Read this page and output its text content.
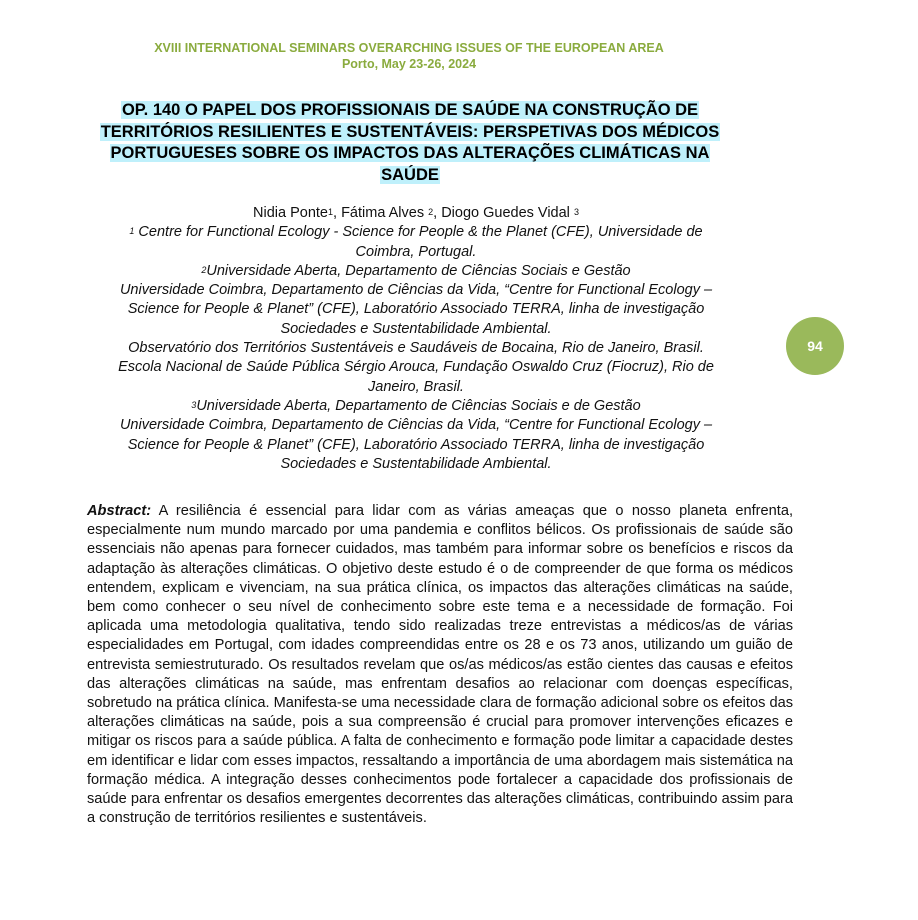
XVIII INTERNATIONAL SEMINARS OVERARCHING ISSUES OF THE EUROPEAN AREA
Porto, May 23-26, 2024
OP. 140 O PAPEL DOS PROFISSIONAIS DE SAÚDE NA CONSTRUÇÃO DE
TERRITÓRIOS RESILIENTES E SUSTENTÁVEIS: PERSPETIVAS DOS MÉDICOS
PORTUGUESES SOBRE OS IMPACTOS DAS ALTERAÇÕES CLIMÁTICAS NA
SAÚDE

Nidia Ponte$^1$, Fátima Alves $^2$, Diogo Guedes Vidal $^3$

$^1$ Centre for Functional Ecology - Science for People & the Planet (CFE), Universidade de
Coimbra, Portugal.

$^2$Universidade Aberta, Departamento de Ciências Sociais e Gestão
Universidade Coimbra, Departamento de Ciências da Vida, “Centre for Functional Ecology –
Science for People & Planet” (CFE), Laboratório Associado TERRA, linha de investigação
Sociedades e Sustentabilidade Ambiental.
Observatório dos Territórios Sustentáveis e Saudáveis de Bocaina, Rio de Janeiro, Brasil.
Escola Nacional de Saúde Pública Sérgio Arouca, Fundação Oswaldo Cruz (Fiocruz), Rio de
Janeiro, Brasil.

$^3$Universidade Aberta, Departamento de Ciências Sociais e de Gestão
Universidade Coimbra, Departamento de Ciências da Vida, “Centre for Functional Ecology –
Science for People & Planet” (CFE), Laboratório Associado TERRA, linha de investigação
Sociedades e Sustentabilidade Ambiental.

94
Abstract: A resiliência é essencial para lidar com as várias ameaças que o nosso planeta enfrenta, especialmente num mundo marcado por uma pandemia e conflitos bélicos. Os profissionais de saúde são essenciais não apenas para fornecer cuidados, mas também para informar sobre os benefícios e riscos da adaptação às alterações climáticas. O objetivo deste estudo é o de compreender de que forma os médicos entendem, explicam e vivenciam, na sua prática clínica, os impactos das alterações climáticas na saúde, bem como conhecer o seu nível de conhecimento sobre este tema e a necessidade de formação. Foi aplicada uma metodologia qualitativa, tendo sido realizadas treze entrevistas a médicos/as de várias especialidades em Portugal, com idades compreendidas entre os 28 e os 73 anos, utilizando um guião de entrevista semiestruturado. Os resultados revelam que os/as médicos/as estão cientes das causas e efeitos das alterações climáticas na saúde, mas enfrentam desafios ao relacionar com doenças específicas, sobretudo na prática clínica. Manifesta-se uma necessidade clara de formação adicional sobre os efeitos das alterações climáticas na saúde, pois a sua compreensão é crucial para promover intervenções eficazes e mitigar os riscos para a saúde pública. A falta de conhecimento e formação pode limitar a capacidade destes em identificar e lidar com esses impactos, ressaltando a importância de uma abordagem mais sistemática na formação médica. A integração desses conhecimentos pode fortalecer a capacidade dos profissionais de saúde para enfrentar os desafios emergentes decorrentes das alterações climáticas, contribuindo assim para a construção de territórios resilientes e sustentáveis.
